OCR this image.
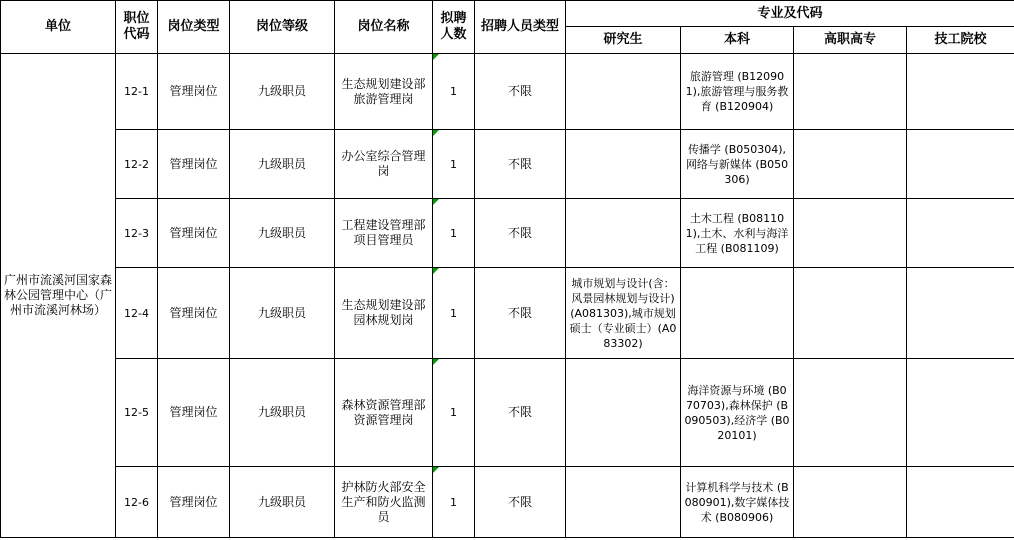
单位	职位代码	岗位类型	岗位等级	岗位名称	拟聘人数	招聘人员类型	专业及代码			
							研究生	本科	高职高专	技工院校
广州市流溪河国家森林公园管理中心（广州市流溪河林场）	12-1	管理岗位	九级职员	生态规划建设部旅游管理岗	1	不限		旅游管理 (B120901),旅游管理与服务教育 (B120904)		
	12-2	管理岗位	九级职员	办公室综合管理岗	1	不限		传播学 (B050304),网络与新媒体 (B050306)		
	12-3	管理岗位	九级职员	工程建设管理部项目管理员	1	不限		土木工程 (B081101),土木、水利与海洋工程 (B081109)		
	12-4	管理岗位	九级职员	生态规划建设部园林规划岗	1	不限	城市规划与设计(含：风景园林规划与设计)(A081303),城市规划硕士（专业硕士）(A083302)			
	12-5	管理岗位	九级职员	森林资源管理部资源管理岗	1	不限		海洋资源与环境 (B070703),森林保护 (B090503),经济学 (B020101)		
	12-6	管理岗位	九级职员	护林防火部安全生产和防火监测员	1	不限		计算机科学与技术 (B080901),数字媒体技术 (B080906)		
